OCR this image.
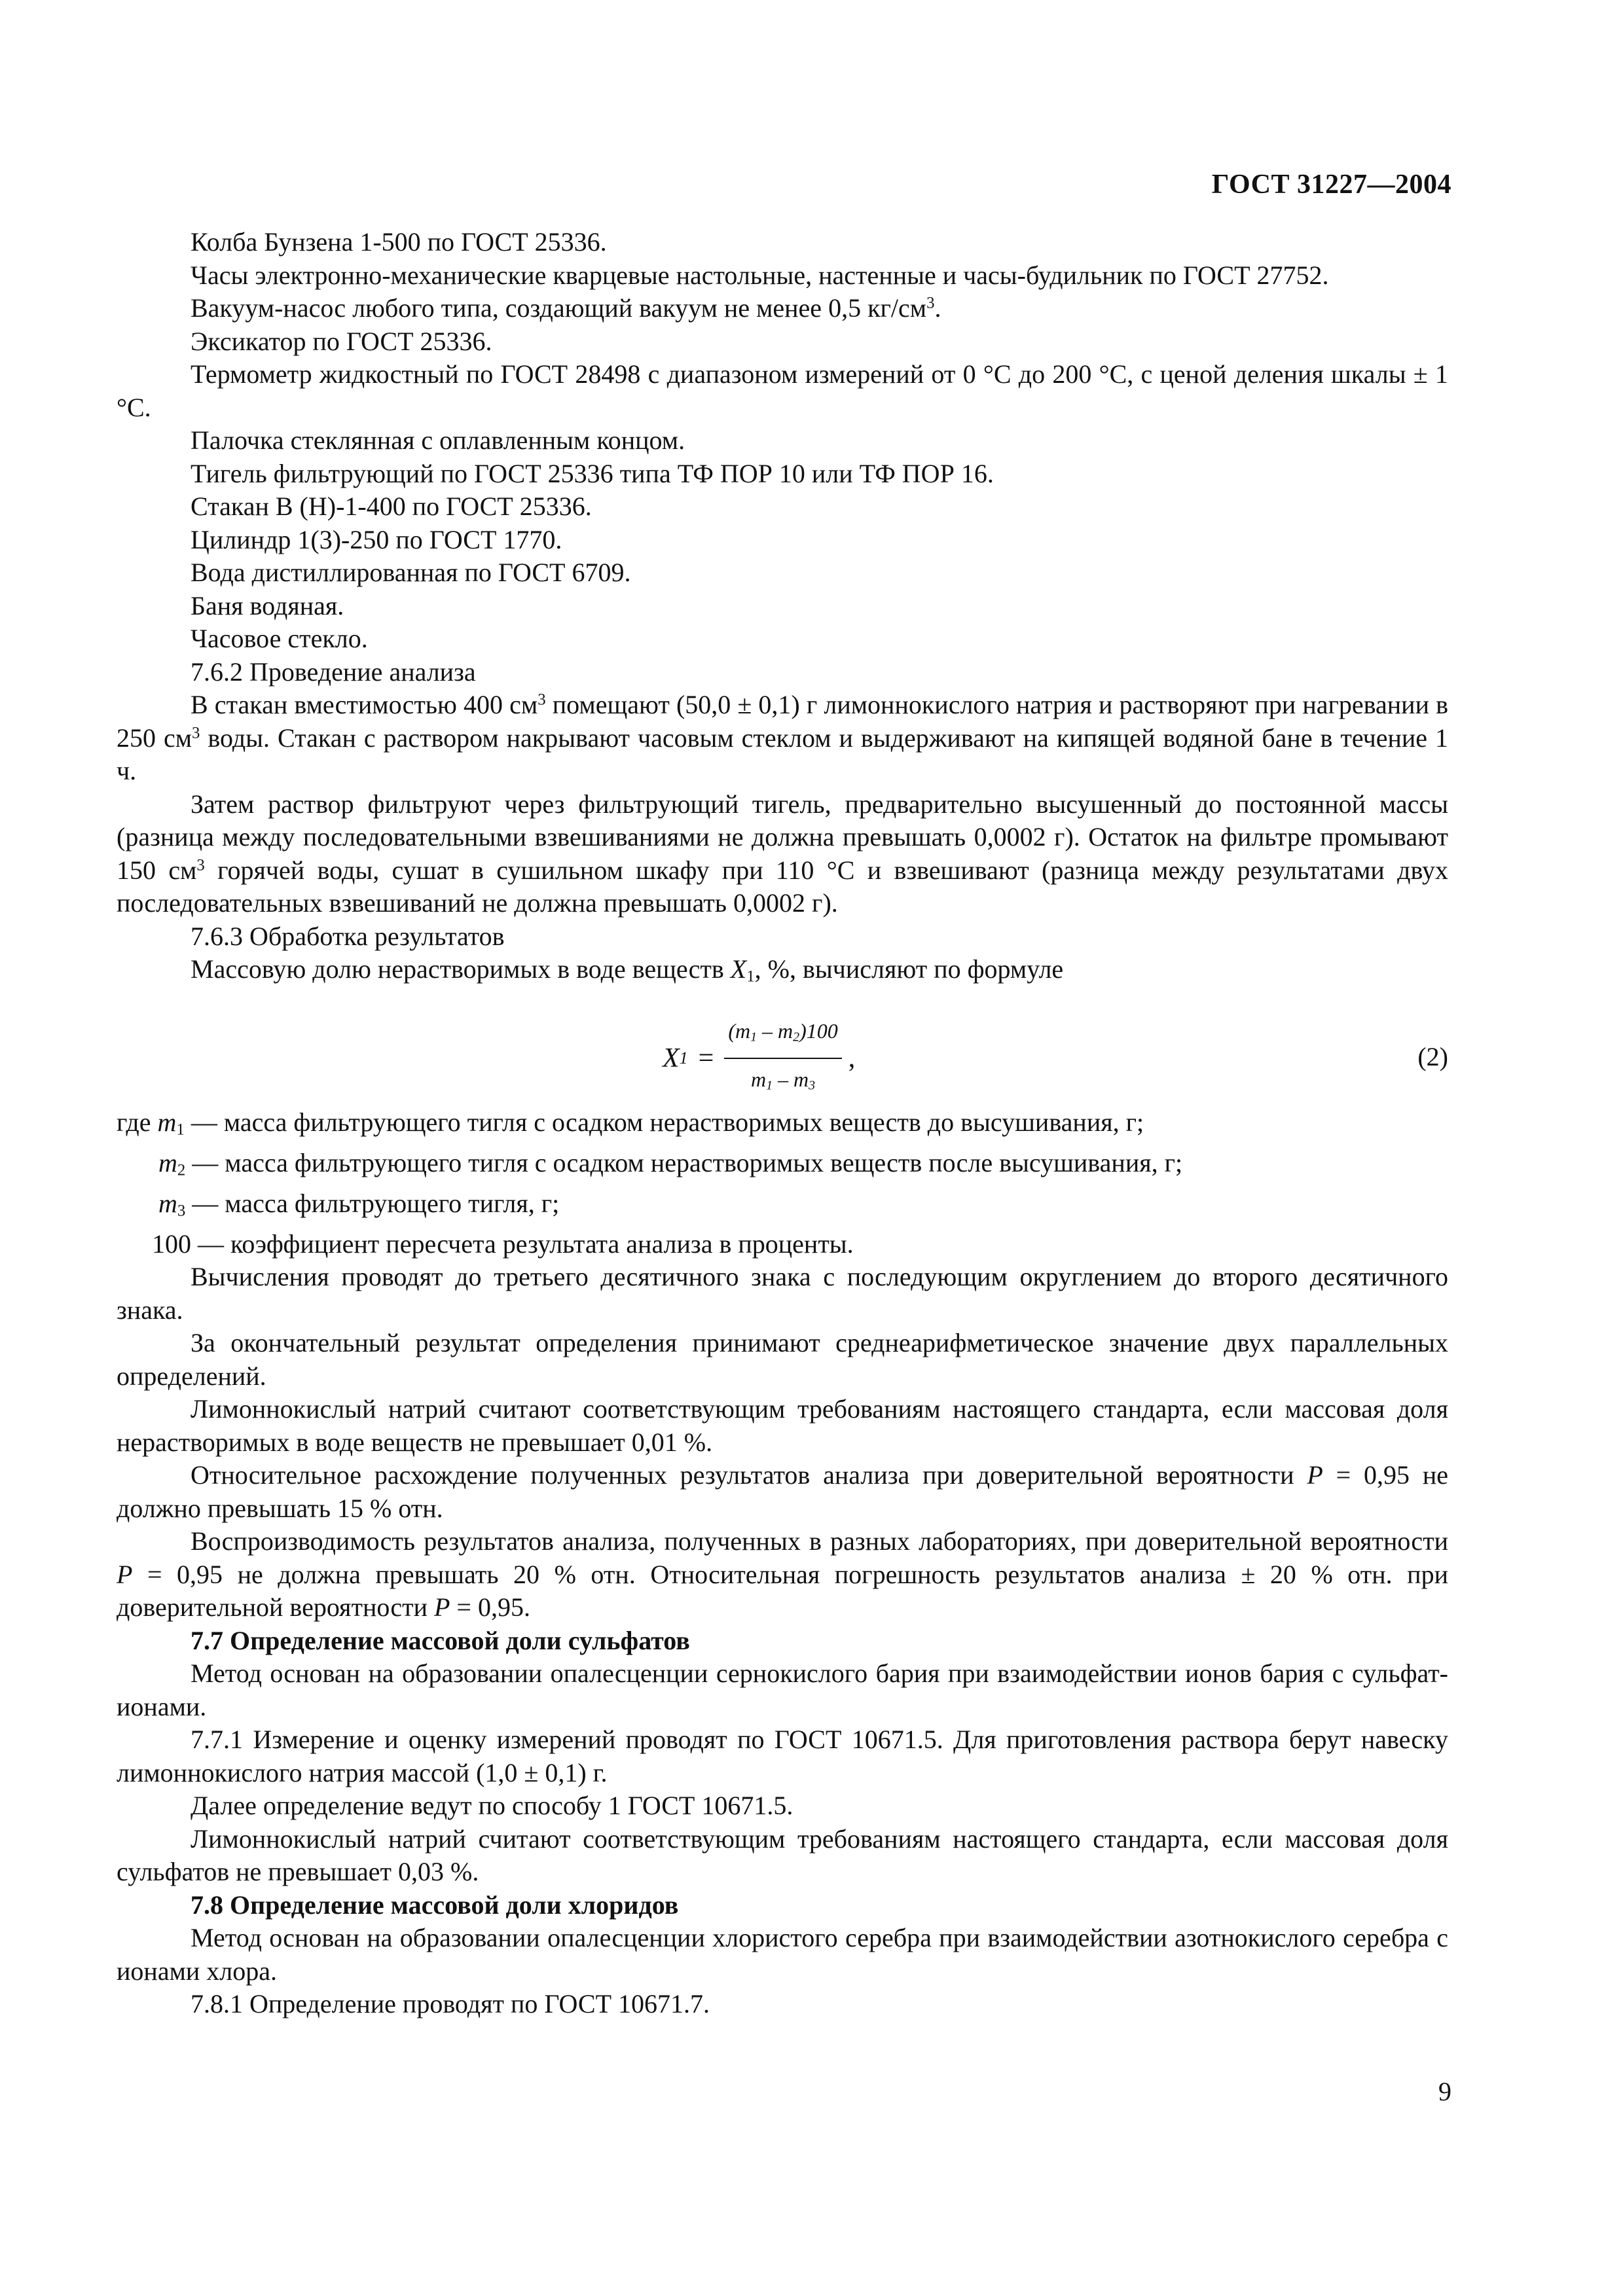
ГОСТ 31227—2004

Колба Бунзена 1-500 по ГОСТ 25336.

Часы электронно-механические кварцевые настольные, настенные и часы-будильник по ГОСТ 27752.

Вакуум-насос любого типа, создающий вакуум не менее 0,5 $кг/см^3$.

Эксикатор по ГОСТ 25336.

Термометр жидкостный по ГОСТ 28498 с диапазоном измерений от 0 °С до 200 °С, с ценой деления шкалы ± 1 °С.

Палочка стеклянная с оплавленным концом.

Тигель фильтрующий по ГОСТ 25336 типа ТФ ПОР 10 или ТФ ПОР 16.

Стакан В (Н)-1-400 по ГОСТ 25336.

Цилиндр 1(3)-250 по ГОСТ 1770.

Вода дистиллированная по ГОСТ 6709.

Баня водяная.

Часовое стекло.

7.6.2 Проведение анализа

В стакан вместимостью 400 $см^3$ помещают (50,0 ± 0,1) г лимоннокислого натрия и растворяют при нагревании в 250 $см^3$ воды. Стакан с раствором накрывают часовым стеклом и выдерживают на кипящей водяной бане в течение 1 ч.

Затем раствор фильтруют через фильтрующий тигель, предварительно высушенный до постоянной массы (разница между последовательными взвешиваниями не должна превышать 0,0002 г). Остаток на фильтре промывают 150 $см^3$ горячей воды, сушат в сушильном шкафу при 110 °С и взвешивают (разница между результатами двух последовательных взвешиваний не должна превышать 0,0002 г).

7.6.3 Обработка результатов

Массовую долю нерастворимых в воде веществ $X_1$, %, вычисляют по формуле

X $1 = \frac{(m_1 - m_2)100}{m_1 - m_3}$ ,	(2)
где $m_1$ — масса фильтрующего тигля с осадком нерастворимых веществ до высушивания, г;
$m_2$ — масса фильтрующего тигля с осадком нерастворимых веществ после высушивания, г;
$m_3$ — масса фильтрующего тигля, г;
100 — коэффициент пересчета результата анализа в проценты.

Вычисления проводят до третьего десятичного знака с последующим округлением до второго десятичного знака.

За окончательный результат определения принимают среднеарифметическое значение двух параллельных определений.

Лимоннокислый натрий считают соответствующим требованиям настоящего стандарта, если массовая доля нерастворимых в воде веществ не превышает 0,01 %.

Относительное расхождение полученных результатов анализа при доверительной вероятности P = 0,95 не должно превышать 15 % отн.

Воспроизводимость результатов анализа, полученных в разных лабораториях, при доверительной вероятности P = 0,95 не должна превышать 20 % отн. Относительная погрешность результатов анализа ± 20 % отн. при доверительной вероятности P = 0,95.

7.7 Определение массовой доли сульфатов

Метод основан на образовании опалесценции сернокислого бария при взаимодействии ионов бария с сульфат-ионами.

7.7.1 Измерение и оценку измерений проводят по ГОСТ 10671.5. Для приготовления раствора берут навеску лимоннокислого натрия массой (1,0 ± 0,1) г.

Далее определение ведут по способу 1 ГОСТ 10671.5.

Лимоннокислый натрий считают соответствующим требованиям настоящего стандарта, если массовая доля сульфатов не превышает 0,03 %.

7.8 Определение массовой доли хлоридов

Метод основан на образовании опалесценции хлористого серебра при взаимодействии азотнокислого серебра с ионами хлора.

7.8.1 Определение проводят по ГОСТ 10671.7.

9
